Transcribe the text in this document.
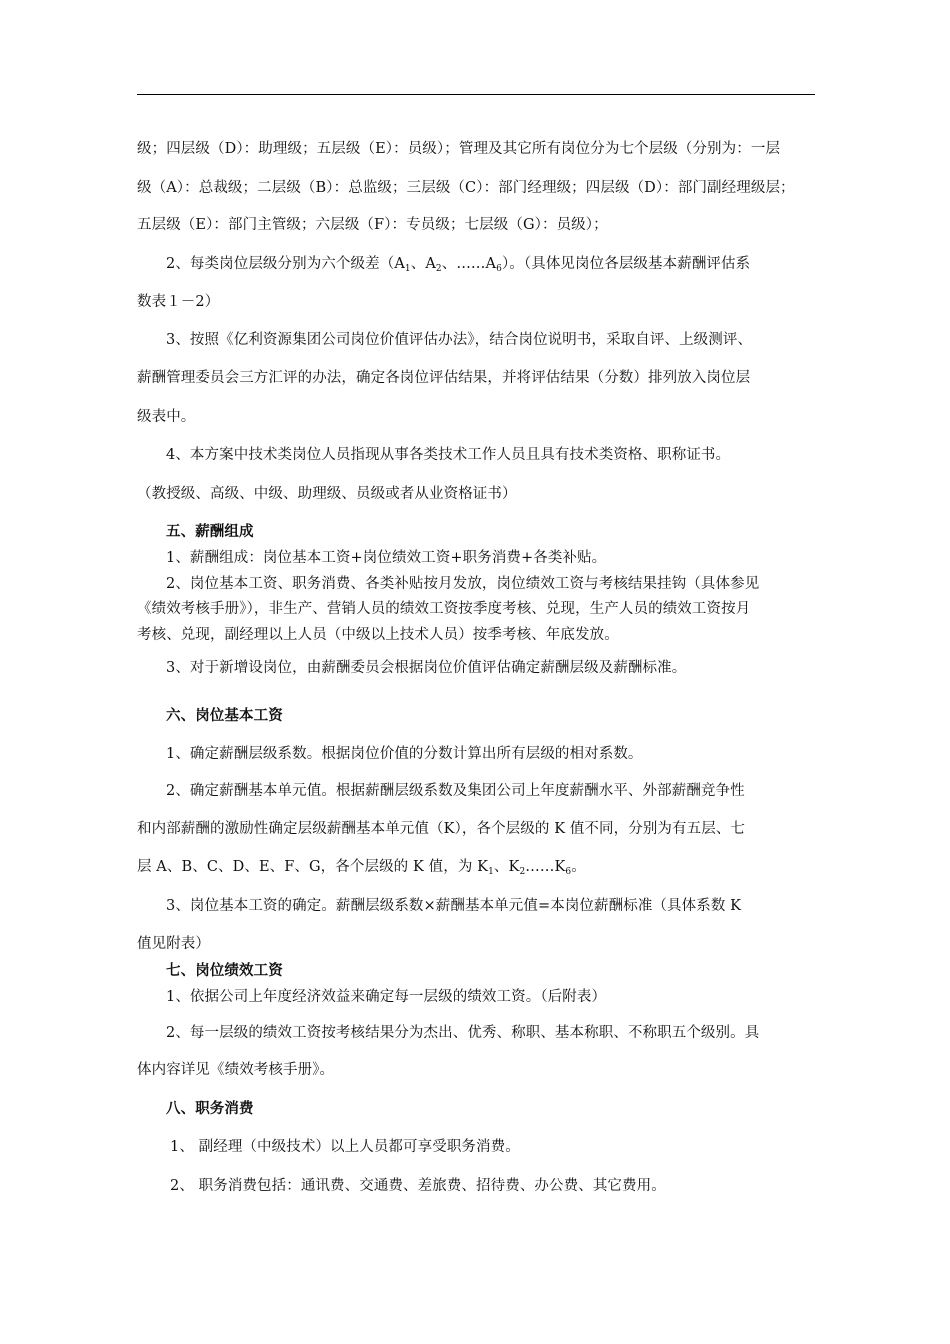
级；四层级（D）：助理级；五层级（E）：员级）；管理及其它所有岗位分为七个层级（分别为：一层
级（A）：总裁级；二层级（B）：总监级；三层级（C）：部门经理级；四层级（D）：部门副经理级层；
五层级（E）：部门主管级；六层级（F）：专员级；七层级（G）：员级）；
2、每类岗位层级分别为六个级差（$A_1$、$A_2$、$\dots\dots A_6$）。（具体见岗位各层级基本薪酬评估系
数表１－2）
3、按照《亿利资源集团公司岗位价值评估办法》，结合岗位说明书，采取自评、上级测评、
薪酬管理委员会三方汇评的办法，确定各岗位评估结果，并将评估结果（分数）排列放入岗位层
级表中。
4、本方案中技术类岗位人员指现从事各类技术工作人员且具有技术类资格、职称证书。
（教授级、高级、中级、助理级、员级或者从业资格证书）
五、薪酬组成
1、薪酬组成：岗位基本工资+岗位绩效工资+职务消费+各类补贴。
2、岗位基本工资、职务消费、各类补贴按月发放，岗位绩效工资与考核结果挂钩（具体参见
《绩效考核手册》），非生产、营销人员的绩效工资按季度考核、兑现，生产人员的绩效工资按月
考核、兑现，副经理以上人员（中级以上技术人员）按季考核、年底发放。
3、对于新增设岗位，由薪酬委员会根据岗位价值评估确定薪酬层级及薪酬标准。
六、岗位基本工资
1、确定薪酬层级系数。根据岗位价值的分数计算出所有层级的相对系数。
2、确定薪酬基本单元值。根据薪酬层级系数及集团公司上年度薪酬水平、外部薪酬竞争性
和内部薪酬的激励性确定层级薪酬基本单元值（K），各个层级的 K 值不同，分别为有五层、七
层 A、B、C、D、E、F、G，各个层级的 K 值，为 $K_1$、$K_2\dots\dots K_6$。
3、岗位基本工资的确定。薪酬层级系数×薪酬基本单元值=本岗位薪酬标准（具体系数 K
值见附表）
七、岗位绩效工资
1、依据公司上年度经济效益来确定每一层级的绩效工资。（后附表）
2、每一层级的绩效工资按考核结果分为杰出、优秀、称职、基本称职、不称职五个级别。具
体内容详见《绩效考核手册》。
八、职务消费
1、 副经理（中级技术）以上人员都可享受职务消费。
2、 职务消费包括：通讯费、交通费、差旅费、招待费、办公费、其它费用。
